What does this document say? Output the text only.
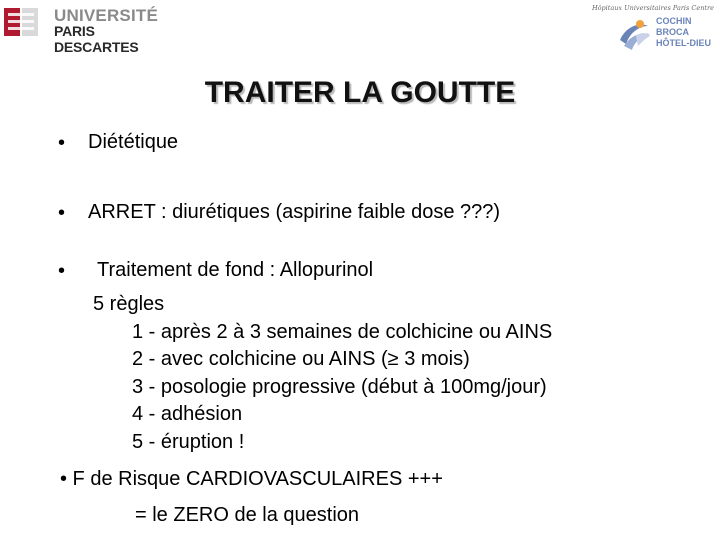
UNIVERSITÉ
PARIS DESCARTES
Hôpitaux Universitaires Paris Centre
COCHIN
BROCA
HÔTEL-DIEU
TRAITER LA GOUTTE
• Diététique
• ARRET : diurétiques (aspirine faible dose ???)
• Traitement de fond : Allopurinol
5 règles
1 - après 2 à 3 semaines de colchicine ou AINS
2 - avec colchicine ou AINS (≥ 3 mois)
3 - posologie progressive (début à 100mg/jour)
4 - adhésion
5 - éruption !
• F de Risque CARDIOVASCULAIRES +++
= le ZERO de la question
